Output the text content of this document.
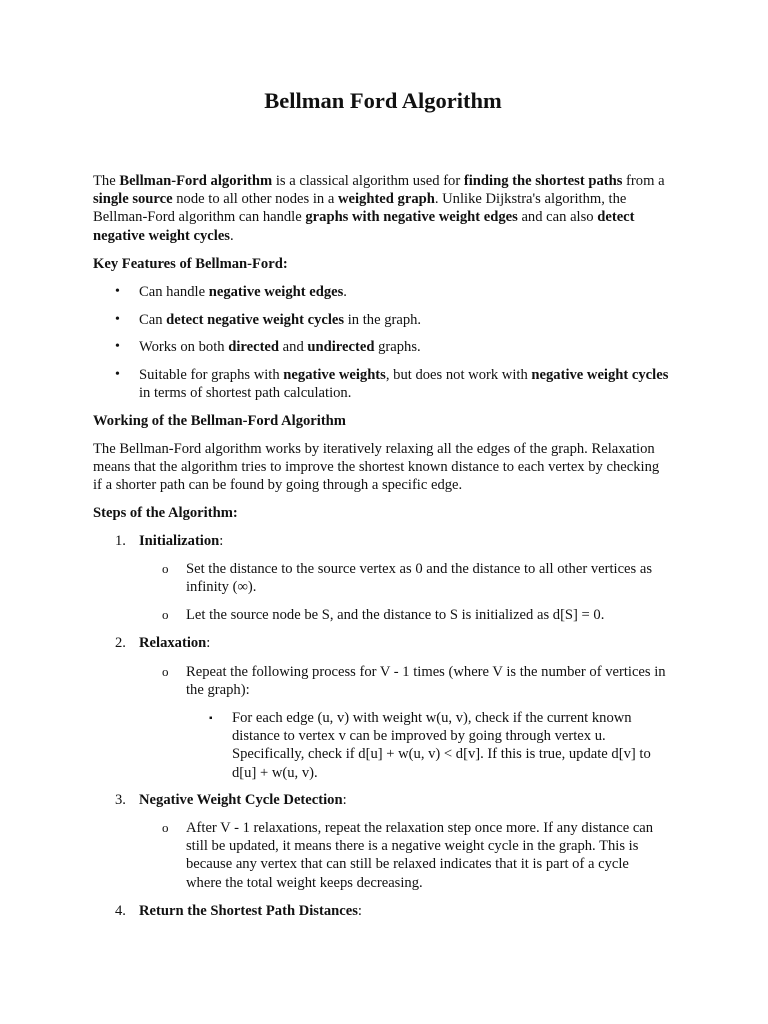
Bellman Ford Algorithm

The Bellman-Ford algorithm is a classical algorithm used for finding the shortest paths from a single source node to all other nodes in a weighted graph. Unlike Dijkstra's algorithm, the Bellman-Ford algorithm can handle graphs with negative weight edges and can also detect negative weight cycles.

Key Features of Bellman-Ford:

• Can handle negative weight edges.

• Can detect negative weight cycles in the graph.

• Works on both directed and undirected graphs.

• Suitable for graphs with negative weights, but does not work with negative weight cycles in terms of shortest path calculation.

Working of the Bellman-Ford Algorithm

The Bellman-Ford algorithm works by iteratively relaxing all the edges of the graph. Relaxation means that the algorithm tries to improve the shortest known distance to each vertex by checking if a shorter path can be found by going through a specific edge.

Steps of the Algorithm:

1. Initialization:

o Set the distance to the source vertex as 0 and the distance to all other vertices as infinity (∞).

o Let the source node be S, and the distance to S is initialized as d[S] = 0.

2. Relaxation:

o Repeat the following process for V - 1 times (where V is the number of vertices in the graph):

▪ For each edge (u, v) with weight w(u, v), check if the current known distance to vertex v can be improved by going through vertex u. Specifically, check if d[u] + w(u, v) < d[v]. If this is true, update d[v] to d[u] + w(u, v).

3. Negative Weight Cycle Detection:

o After V - 1 relaxations, repeat the relaxation step once more. If any distance can still be updated, it means there is a negative weight cycle in the graph. This is because any vertex that can still be relaxed indicates that it is part of a cycle where the total weight keeps decreasing.

4. Return the Shortest Path Distances:
